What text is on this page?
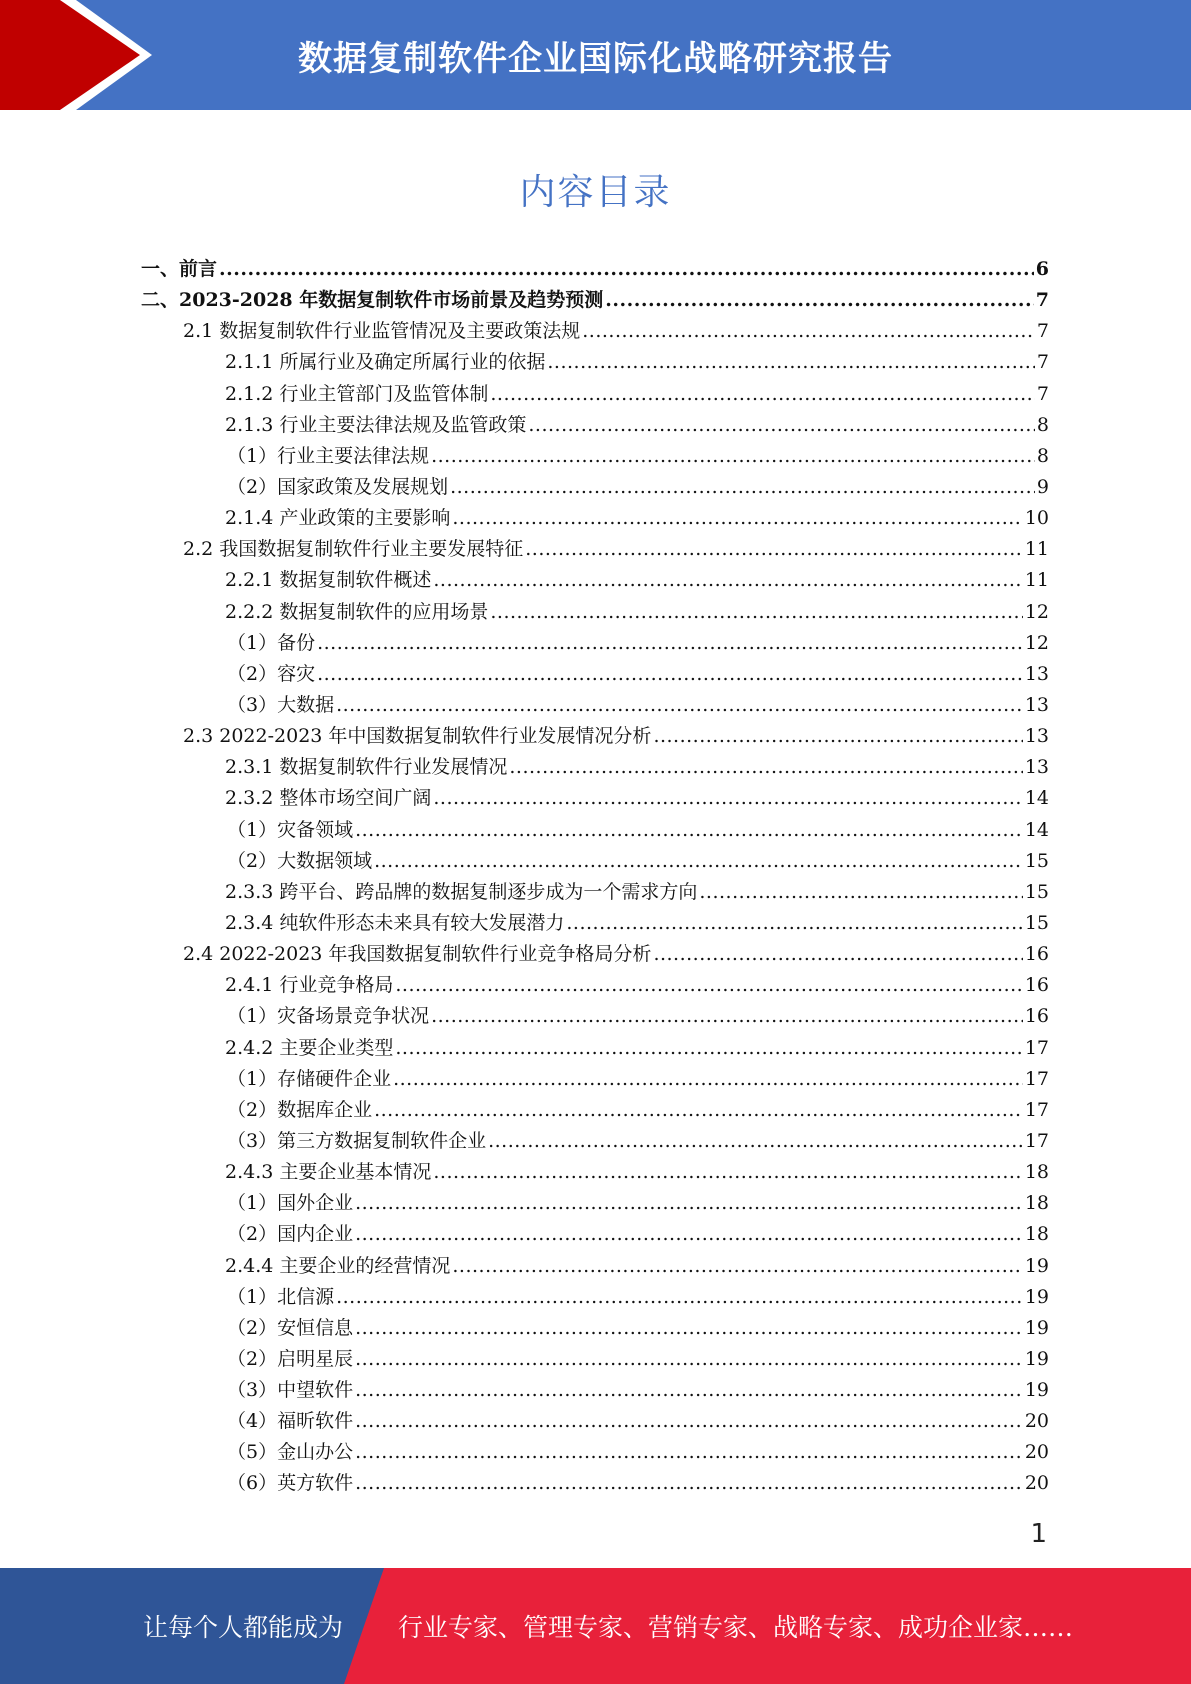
数据复制软件企业国际化战略研究报告
内容目录
一、前言 .....	6
二、2023-2028 年数据复制软件市场前景及趋势预测 .....	7
2.1 数据复制软件行业监管情况及主要政策法规 .....	7
2.1.1 所属行业及确定所属行业的依据 .....	7
2.1.2 行业主管部门及监管体制 .....	7
2.1.3 行业主要法律法规及监管政策 .....	8
（1）行业主要法律法规 .....	8
（2）国家政策及发展规划 .....	9
2.1.4 产业政策的主要影响 .....	10
2.2 我国数据复制软件行业主要发展特征 .....	11
2.2.1 数据复制软件概述 .....	11
2.2.2 数据复制软件的应用场景 .....	12
（1）备份 .....	12
（2）容灾 .....	13
（3）大数据 .....	13
2.3 2022-2023 年中国数据复制软件行业发展情况分析 .....	13
2.3.1 数据复制软件行业发展情况 .....	13
2.3.2 整体市场空间广阔 .....	14
（1）灾备领域 .....	14
（2）大数据领域 .....	15
2.3.3 跨平台、跨品牌的数据复制逐步成为一个需求方向 .....	15
2.3.4 纯软件形态未来具有较大发展潜力 .....	15
2.4 2022-2023 年我国数据复制软件行业竞争格局分析 .....	16
2.4.1 行业竞争格局 .....	16
（1）灾备场景竞争状况 .....	16
2.4.2 主要企业类型 .....	17
（1）存储硬件企业 .....	17
（2）数据库企业 .....	17
（3）第三方数据复制软件企业 .....	17
2.4.3 主要企业基本情况 .....	18
（1）国外企业 .....	18
（2）国内企业 .....	18
2.4.4 主要企业的经营情况 .....	19
（1）北信源 .....	19
（2）安恒信息 .....	19
（2）启明星辰 .....	19
（3）中望软件 .....	19
（4）福昕软件 .....	20
（5）金山办公 .....	20
（6）英方软件 .....	20
1
让每个人都能成为 行业专家、管理专家、营销专家、战略专家、成功企业家……
